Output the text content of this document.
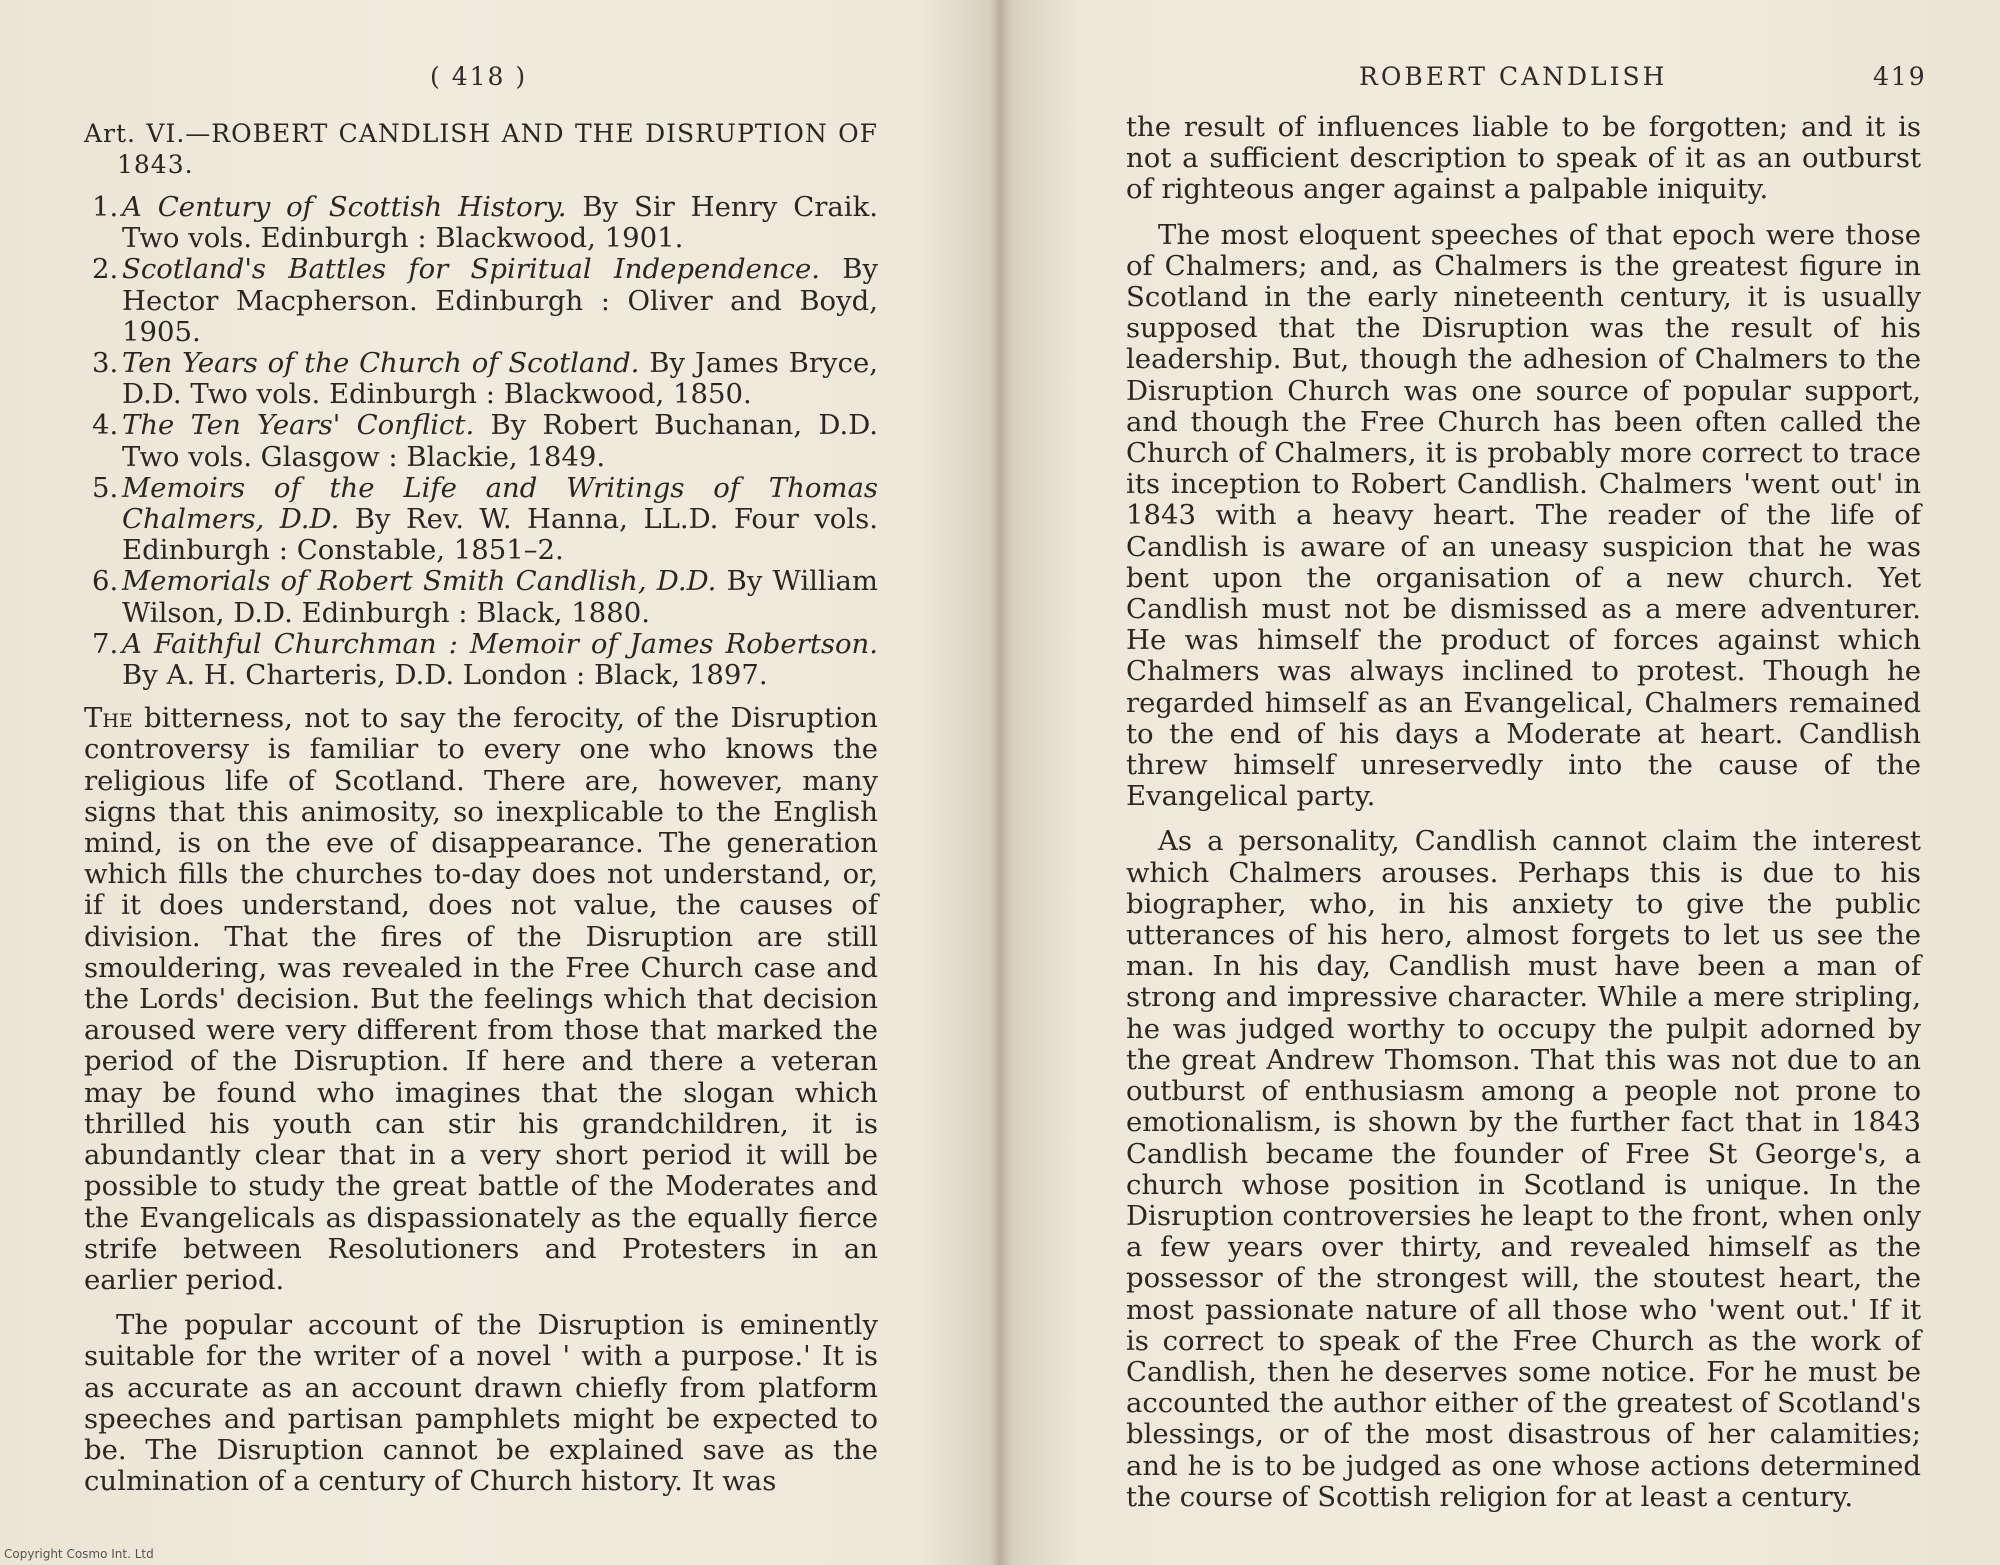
( 418 )

Art. VI.—ROBERT CANDLISH AND THE DISRUPTION OF 1843.

1. A Century of Scottish History. By Sir Henry Craik. Two vols. Edinburgh : Blackwood, 1901.
2. Scotland's Battles for Spiritual Independence. By Hector Macpherson. Edinburgh : Oliver and Boyd, 1905.
3. Ten Years of the Church of Scotland. By James Bryce, D.D. Two vols. Edinburgh : Blackwood, 1850.
4. The Ten Years' Conflict. By Robert Buchanan, D.D. Two vols. Glasgow : Blackie, 1849.
5. Memoirs of the Life and Writings of Thomas Chalmers, D.D. By Rev. W. Hanna, LL.D. Four vols. Edinburgh : Constable, 1851–2.
6. Memorials of Robert Smith Candlish, D.D. By William Wilson, D.D. Edinburgh : Black, 1880.
7. A Faithful Churchman : Memoir of James Robertson. By A. H. Charteris, D.D. London : Black, 1897.

The bitterness, not to say the ferocity, of the Disruption controversy is familiar to every one who knows the religious life of Scotland. There are, however, many signs that this animosity, so inexplicable to the English mind, is on the eve of disappearance. The generation which fills the churches to-day does not understand, or, if it does understand, does not value, the causes of division. That the fires of the Disruption are still smouldering, was revealed in the Free Church case and the Lords' decision. But the feelings which that decision aroused were very different from those that marked the period of the Disruption. If here and there a veteran may be found who imagines that the slogan which thrilled his youth can stir his grandchildren, it is abundantly clear that in a very short period it will be possible to study the great battle of the Moderates and the Evangelicals as dispassionately as the equally fierce strife between Resolutioners and Protesters in an earlier period.

The popular account of the Disruption is eminently suitable for the writer of a novel ' with a purpose.' It is as accurate as an account drawn chiefly from platform speeches and partisan pamphlets might be expected to be. The Disruption cannot be explained save as the culmination of a century of Church history. It was

ROBERT CANDLISH	419

the result of influences liable to be forgotten; and it is not a sufficient description to speak of it as an outburst of righteous anger against a palpable iniquity.

The most eloquent speeches of that epoch were those of Chalmers; and, as Chalmers is the greatest figure in Scotland in the early nineteenth century, it is usually supposed that the Disruption was the result of his leadership. But, though the adhesion of Chalmers to the Disruption Church was one source of popular support, and though the Free Church has been often called the Church of Chalmers, it is probably more correct to trace its inception to Robert Candlish. Chalmers 'went out' in 1843 with a heavy heart. The reader of the life of Candlish is aware of an uneasy suspicion that he was bent upon the organisation of a new church. Yet Candlish must not be dismissed as a mere adventurer. He was himself the product of forces against which Chalmers was always inclined to protest. Though he regarded himself as an Evangelical, Chalmers remained to the end of his days a Moderate at heart. Candlish threw himself unreservedly into the cause of the Evangelical party.

As a personality, Candlish cannot claim the interest which Chalmers arouses. Perhaps this is due to his biographer, who, in his anxiety to give the public utterances of his hero, almost forgets to let us see the man. In his day, Candlish must have been a man of strong and impressive character. While a mere stripling, he was judged worthy to occupy the pulpit adorned by the great Andrew Thomson. That this was not due to an outburst of enthusiasm among a people not prone to emotionalism, is shown by the further fact that in 1843 Candlish became the founder of Free St George's, a church whose position in Scotland is unique. In the Disruption controversies he leapt to the front, when only a few years over thirty, and revealed himself as the possessor of the strongest will, the stoutest heart, the most passionate nature of all those who 'went out.' If it is correct to speak of the Free Church as the work of Candlish, then he deserves some notice. For he must be accounted the author either of the greatest of Scotland's blessings, or of the most disastrous of her calamities; and he is to be judged as one whose actions determined the course of Scottish religion for at least a century.

Copyright Cosmo Int. Ltd
